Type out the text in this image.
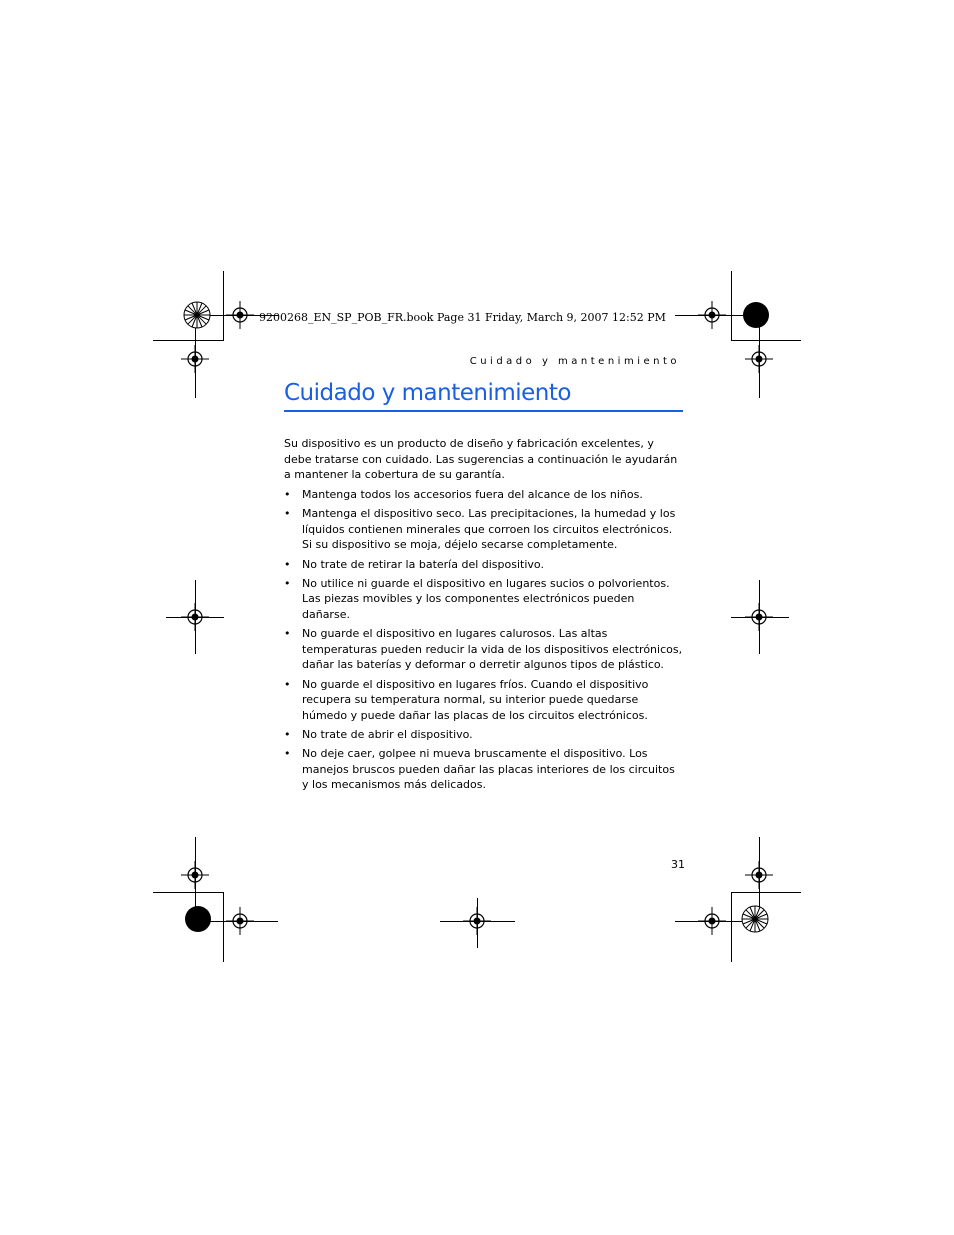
9200268_EN_SP_POB_FR.book Page 31 Friday, March 9, 2007 12:52 PM
Cuidado y mantenimiento
Cuidado y mantenimiento

Su dispositivo es un producto de diseño y fabricación excelentes, y debe tratarse con cuidado. Las sugerencias a continuación le ayudarán a mantener la cobertura de su garantía.

• Mantenga todos los accesorios fuera del alcance de los niños.
• Mantenga el dispositivo seco. Las precipitaciones, la humedad y los líquidos contienen minerales que corroen los circuitos electrónicos. Si su dispositivo se moja, déjelo secarse completamente.
• No trate de retirar la batería del dispositivo.
• No utilice ni guarde el dispositivo en lugares sucios o polvorientos. Las piezas movibles y los componentes electrónicos pueden dañarse.
• No guarde el dispositivo en lugares calurosos. Las altas temperaturas pueden reducir la vida de los dispositivos electrónicos, dañar las baterías y deformar o derretir algunos tipos de plástico.
• No guarde el dispositivo en lugares fríos. Cuando el dispositivo recupera su temperatura normal, su interior puede quedarse húmedo y puede dañar las placas de los circuitos electrónicos.
• No trate de abrir el dispositivo.
• No deje caer, golpee ni mueva bruscamente el dispositivo. Los manejos bruscos pueden dañar las placas interiores de los circuitos y los mecanismos más delicados.
31
